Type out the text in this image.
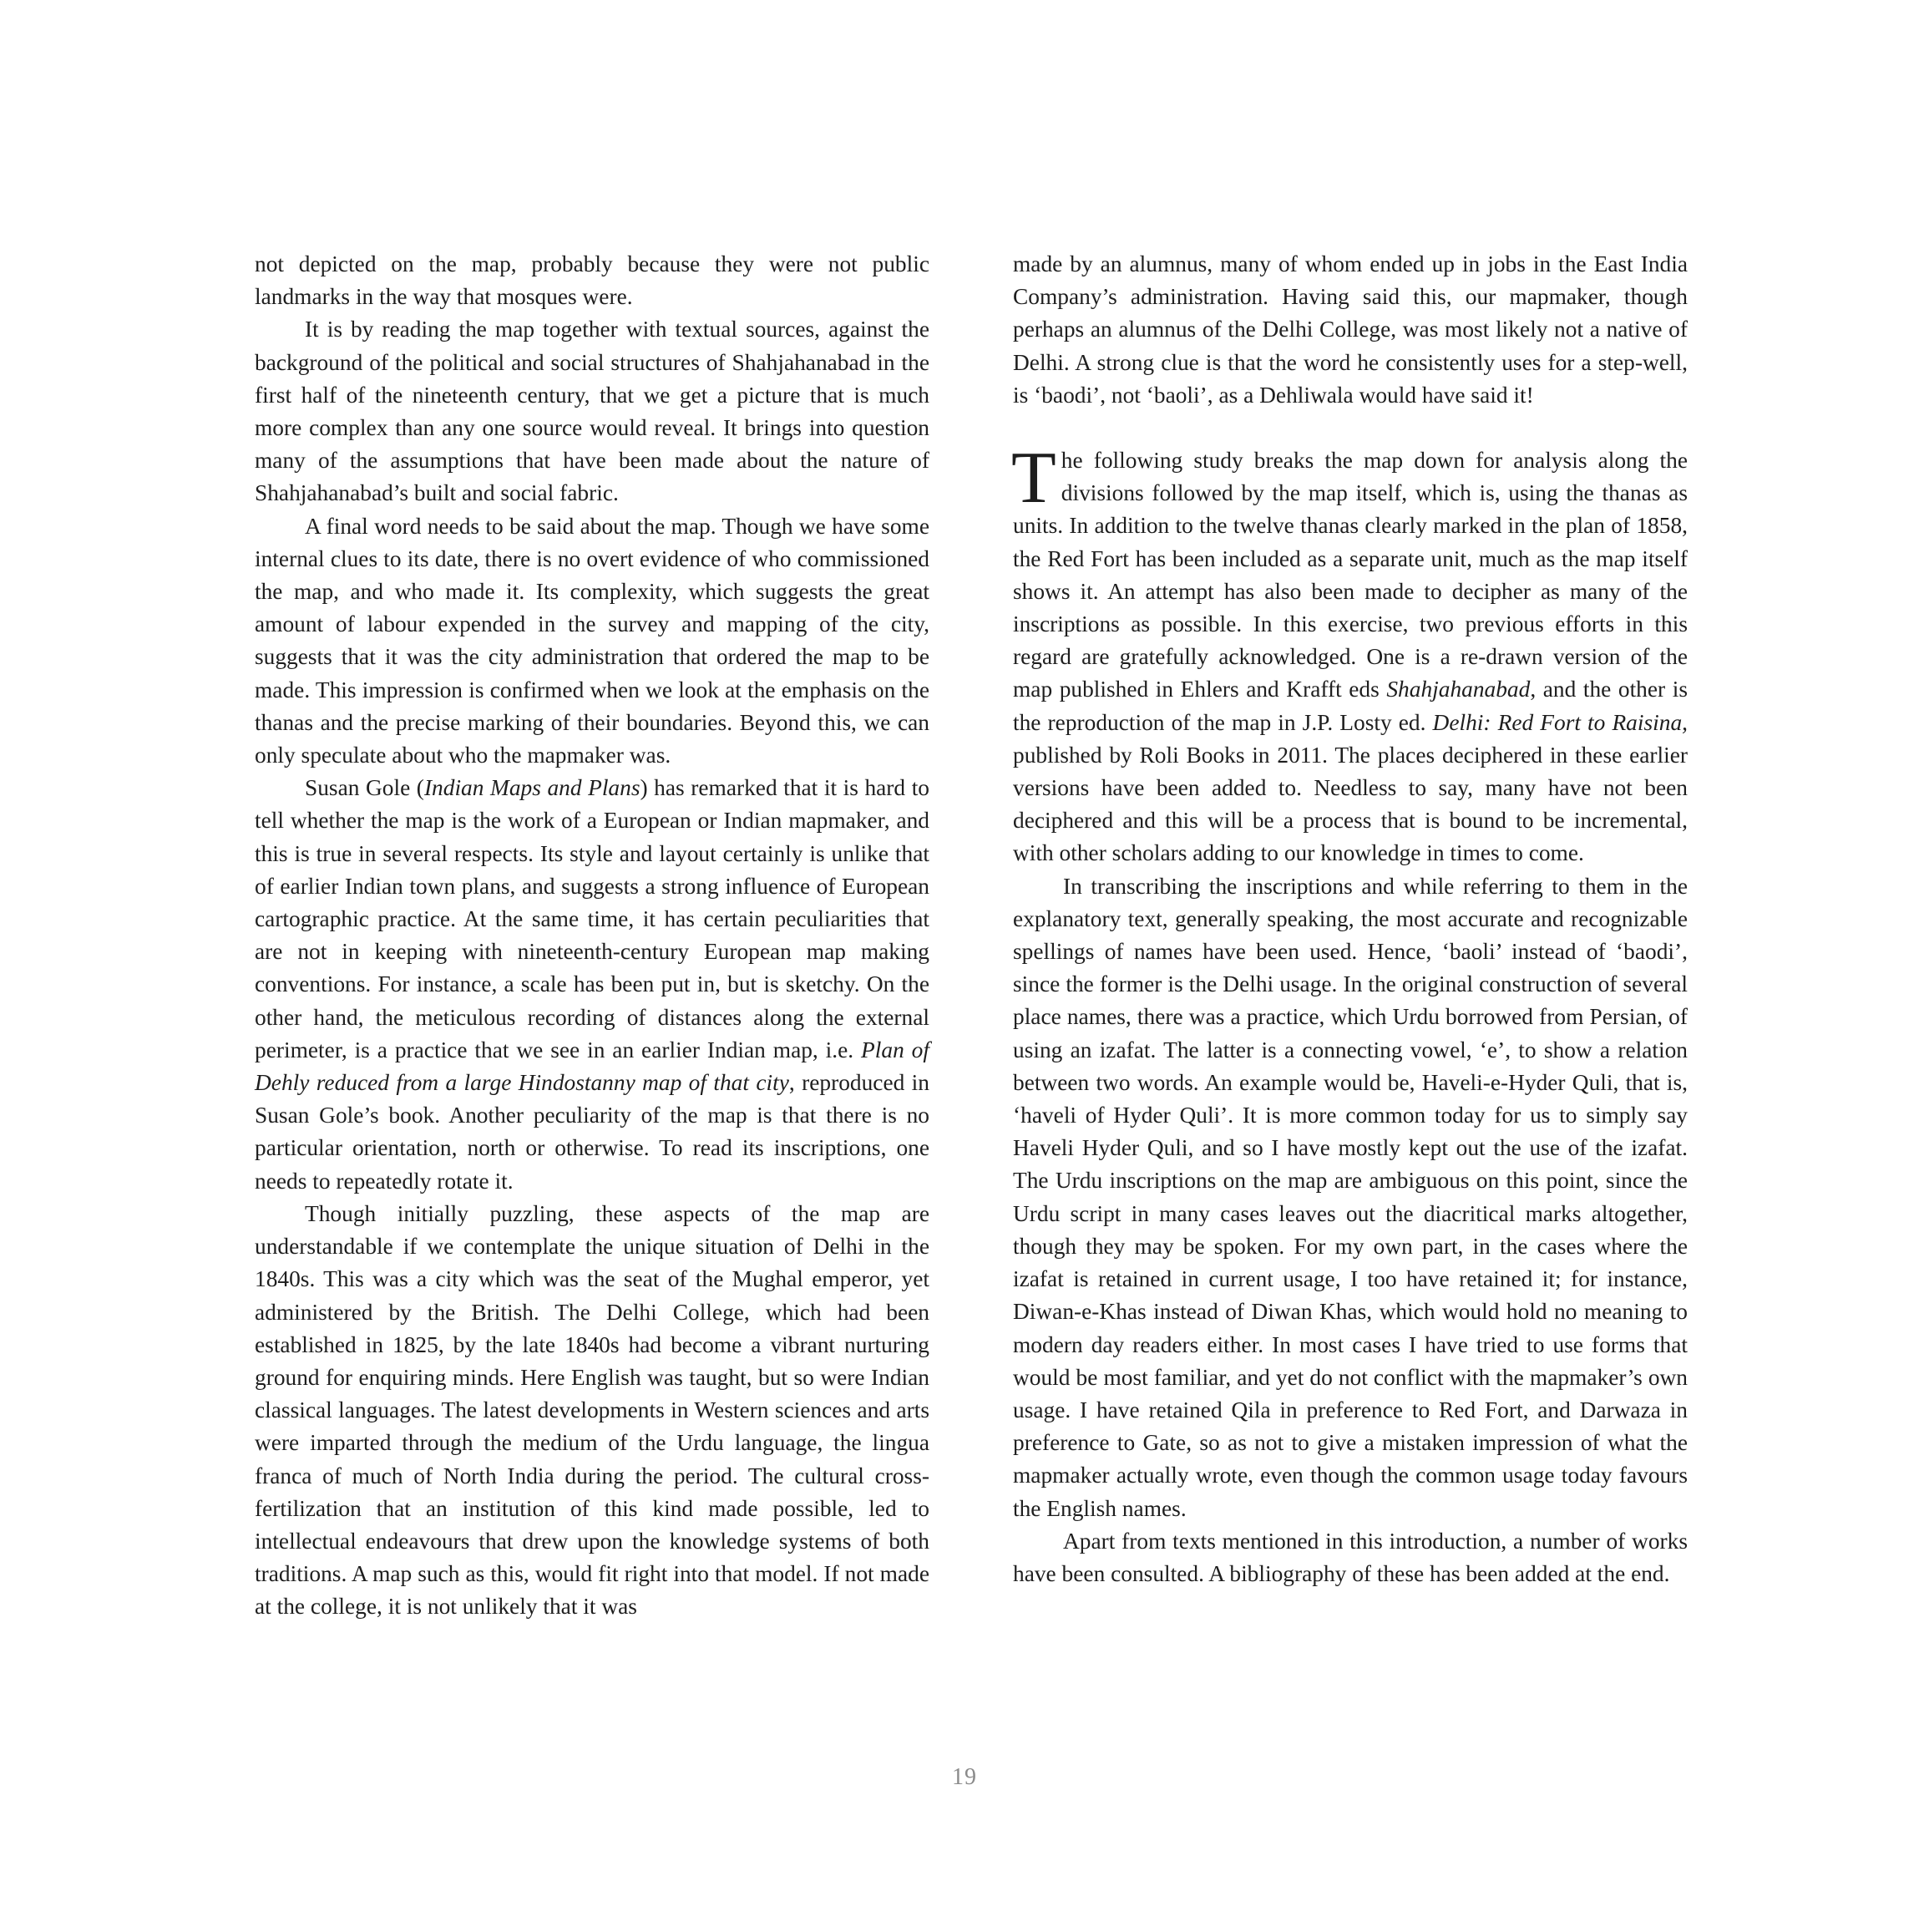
not depicted on the map, probably because they were not public landmarks in the way that mosques were.

It is by reading the map together with textual sources, against the background of the political and social structures of Shahjahanabad in the first half of the nineteenth century, that we get a picture that is much more complex than any one source would reveal. It brings into question many of the assumptions that have been made about the nature of Shahjahanabad’s built and social fabric.

A final word needs to be said about the map. Though we have some internal clues to its date, there is no overt evidence of who commissioned the map, and who made it. Its complexity, which suggests the great amount of labour expended in the survey and mapping of the city, suggests that it was the city administration that ordered the map to be made. This impression is confirmed when we look at the emphasis on the thanas and the precise marking of their boundaries. Beyond this, we can only speculate about who the mapmaker was.

Susan Gole (Indian Maps and Plans) has remarked that it is hard to tell whether the map is the work of a European or Indian mapmaker, and this is true in several respects. Its style and layout certainly is unlike that of earlier Indian town plans, and suggests a strong influence of European cartographic practice. At the same time, it has certain peculiarities that are not in keeping with nineteenth-century European map making conventions. For instance, a scale has been put in, but is sketchy. On the other hand, the meticulous recording of distances along the external perimeter, is a practice that we see in an earlier Indian map, i.e. Plan of Dehly reduced from a large Hindostanny map of that city, reproduced in Susan Gole’s book. Another peculiarity of the map is that there is no particular orientation, north or otherwise. To read its inscriptions, one needs to repeatedly rotate it.

Though initially puzzling, these aspects of the map are understandable if we contemplate the unique situation of Delhi in the 1840s. This was a city which was the seat of the Mughal emperor, yet administered by the British. The Delhi College, which had been established in 1825, by the late 1840s had become a vibrant nurturing ground for enquiring minds. Here English was taught, but so were Indian classical languages. The latest developments in Western sciences and arts were imparted through the medium of the Urdu language, the lingua franca of much of North India during the period. The cultural cross-fertilization that an institution of this kind made possible, led to intellectual endeavours that drew upon the knowledge systems of both traditions. A map such as this, would fit right into that model. If not made at the college, it is not unlikely that it was

made by an alumnus, many of whom ended up in jobs in the East India Company’s administration. Having said this, our mapmaker, though perhaps an alumnus of the Delhi College, was most likely not a native of Delhi. A strong clue is that the word he consistently uses for a step-well, is ‘baodi’, not ‘baoli’, as a Dehliwala would have said it!

The following study breaks the map down for analysis along the divisions followed by the map itself, which is, using the thanas as units. In addition to the twelve thanas clearly marked in the plan of 1858, the Red Fort has been included as a separate unit, much as the map itself shows it. An attempt has also been made to decipher as many of the inscriptions as possible. In this exercise, two previous efforts in this regard are gratefully acknowledged. One is a re-drawn version of the map published in Ehlers and Krafft eds Shahjahanabad, and the other is the reproduction of the map in J.P. Losty ed. Delhi: Red Fort to Raisina, published by Roli Books in 2011. The places deciphered in these earlier versions have been added to. Needless to say, many have not been deciphered and this will be a process that is bound to be incremental, with other scholars adding to our knowledge in times to come.

In transcribing the inscriptions and while referring to them in the explanatory text, generally speaking, the most accurate and recognizable spellings of names have been used. Hence, ‘baoli’ instead of ‘baodi’, since the former is the Delhi usage. In the original construction of several place names, there was a practice, which Urdu borrowed from Persian, of using an izafat. The latter is a connecting vowel, ‘e’, to show a relation between two words. An example would be, Haveli-e-Hyder Quli, that is, ‘haveli of Hyder Quli’. It is more common today for us to simply say Haveli Hyder Quli, and so I have mostly kept out the use of the izafat. The Urdu inscriptions on the map are ambiguous on this point, since the Urdu script in many cases leaves out the diacritical marks altogether, though they may be spoken. For my own part, in the cases where the izafat is retained in current usage, I too have retained it; for instance, Diwan-e-Khas instead of Diwan Khas, which would hold no meaning to modern day readers either. In most cases I have tried to use forms that would be most familiar, and yet do not conflict with the mapmaker’s own usage. I have retained Qila in preference to Red Fort, and Darwaza in preference to Gate, so as not to give a mistaken impression of what the mapmaker actually wrote, even though the common usage today favours the English names.

Apart from texts mentioned in this introduction, a number of works have been consulted. A bibliography of these has been added at the end.

19
